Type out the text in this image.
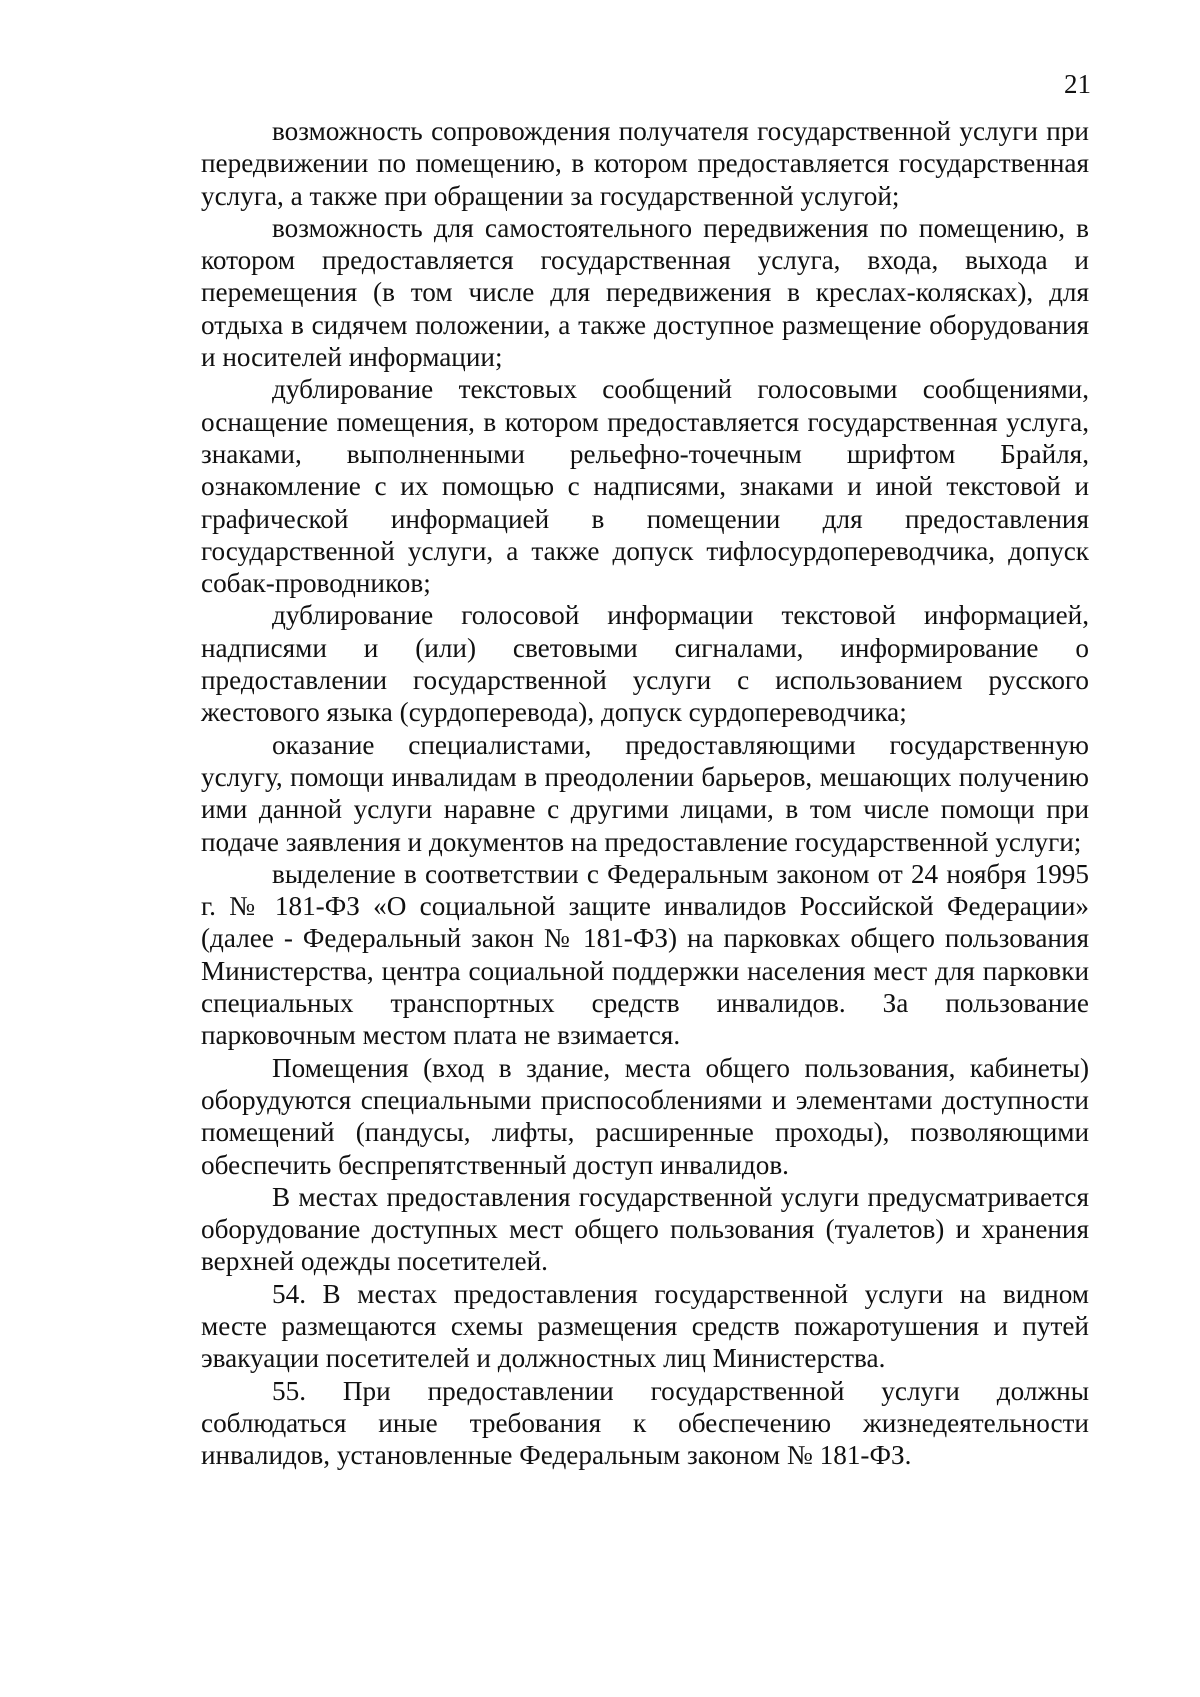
21

возможность сопровождения получателя государственной услуги при передвижении по помещению, в котором предоставляется государственная услуга, а также при обращении за государственной услугой;

возможность для самостоятельного передвижения по помещению, в котором предоставляется государственная услуга, входа, выхода и перемещения (в том числе для передвижения в креслах-колясках), для отдыха в сидячем положении, а также доступное размещение оборудования и носителей информации;

дублирование текстовых сообщений голосовыми сообщениями, оснащение помещения, в котором предоставляется государственная услуга, знаками, выполненными рельефно-точечным шрифтом Брайля, ознакомление с их помощью с надписями, знаками и иной текстовой и графической информацией в помещении для предоставления государственной услуги, а также допуск тифлосурдопереводчика, допуск собак-проводников;

дублирование голосовой информации текстовой информацией, надписями и (или) световыми сигналами, информирование о предоставлении государственной услуги с использованием русского жестового языка (сурдоперевода), допуск сурдопереводчика;

оказание специалистами, предоставляющими государственную услугу, помощи инвалидам в преодолении барьеров, мешающих получению ими данной услуги наравне с другими лицами, в том числе помощи при подаче заявления и документов на предоставление государственной услуги;

выделение в соответствии с Федеральным законом от 24 ноября 1995 г. № 181-ФЗ «О социальной защите инвалидов Российской Федерации» (далее - Федеральный закон № 181-ФЗ) на парковках общего пользования Министерства, центра социальной поддержки населения мест для парковки специальных транспортных средств инвалидов. За пользование парковочным местом плата не взимается.

Помещения (вход в здание, места общего пользования, кабинеты) оборудуются специальными приспособлениями и элементами доступности помещений (пандусы, лифты, расширенные проходы), позволяющими обеспечить беспрепятственный доступ инвалидов.

В местах предоставления государственной услуги предусматривается оборудование доступных мест общего пользования (туалетов) и хранения верхней одежды посетителей.

54. В местах предоставления государственной услуги на видном месте размещаются схемы размещения средств пожаротушения и путей эвакуации посетителей и должностных лиц Министерства.

55. При предоставлении государственной услуги должны соблюдаться иные требования к обеспечению жизнедеятельности инвалидов, установленные Федеральным законом № 181-ФЗ.
